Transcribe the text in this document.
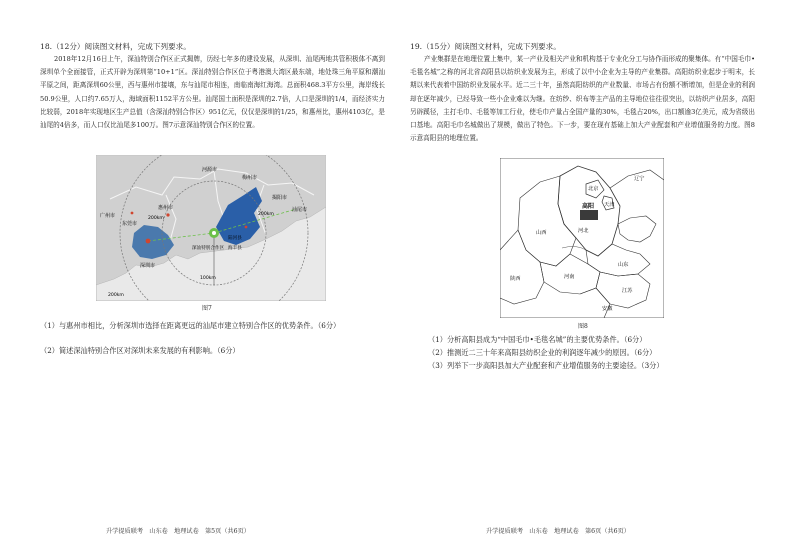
18.（12分）阅读图文材料，完成下列要求。

2018年12月16日上午，深汕特别合作区正式揭牌，历经七年多的建设发展，从深圳、汕尾两地共管积极体不离到深圳单个全面接管，正式开辟为深圳第“10+1”区。深汕特别合作区位于粤港澳大湾区最东端，地处珠三角平原和潮汕平原之间，距离深圳60公里，西与惠州市接壤，东与汕尾市相连，南临南海红海湾。总面积468.3平方公里，海岸线长50.9公里，人口约7.65万人，海域面积1152平方公里。汕尾国土面积是深圳的2.7倍，人口是深圳的1/4，而经济实力比较弱，2018年实现地区生产总值（含深汕特别合作区）951亿元，仅仅是深圳的1/25，和惠州比，惠州4103亿，是汕尾的4倍多，而人口仅比汕尾多100万。图7示意深汕特别合作区的位置。

河源市
梅州市
惠州市
揭阳市
汕尾市
东莞市
广州市
深圳市
深汕特别合作区 海丰县
陆河县
200km
200km
100km
200km
图7
（1）与惠州市相比，分析深圳市选择在距离更远的汕尾市建立特别合作区的优势条件。（6分）
（2）简述深汕特别合作区对深圳未来发展的有利影响。（6分）
升学提质联考　山东卷　地理试卷　第5页（共6页）
19.（15分）阅读图文材料，完成下列要求。

产业集群是在地理位置上集中，某一产业及相关产业和机构基于专业化分工与协作而形成的聚集体。有“中国毛巾•毛毯名城”之称的河北省高阳县以纺织业发展为主，形成了以中小企业为主导的产业集群。高阳纺织业起步于明末，长期以来代表着中国纺织业发展水平。近二三十年，虽然高阳纺织的产业数量、市场占有份额不断增加，但是企业的利润却在逐年减少，已经导致一些小企业难以为继。在纺纱、织布等主产品的主导地位往往很突出，以纺织产业居多，高阳另辟蹊径，主打毛巾、毛毯等加工行业，使毛巾产量占全国产量的30%，毛毯占20%，出口额逾3亿美元，成为省级出口基地。高阳毛巾名城做出了规模，做出了特色。下一步，要在现有基础上加大产业配套和产业增值服务的力度。图8示意高阳县的地理位置。

北京
天津
辽宁
高阳
河北
山西
山东
河南
陕西
江苏
安徽
图8
（1）分析高阳县成为“中国毛巾•毛毯名城”的主要优势条件。（6分）
（2）推测近二三十年来高阳县纺织企业的利润逐年减少的原因。（6分）
（3）列举下一步高阳县加大产业配套和产业增值服务的主要途径。（3分）
升学提质联考　山东卷　地理试卷　第6页（共6页）
